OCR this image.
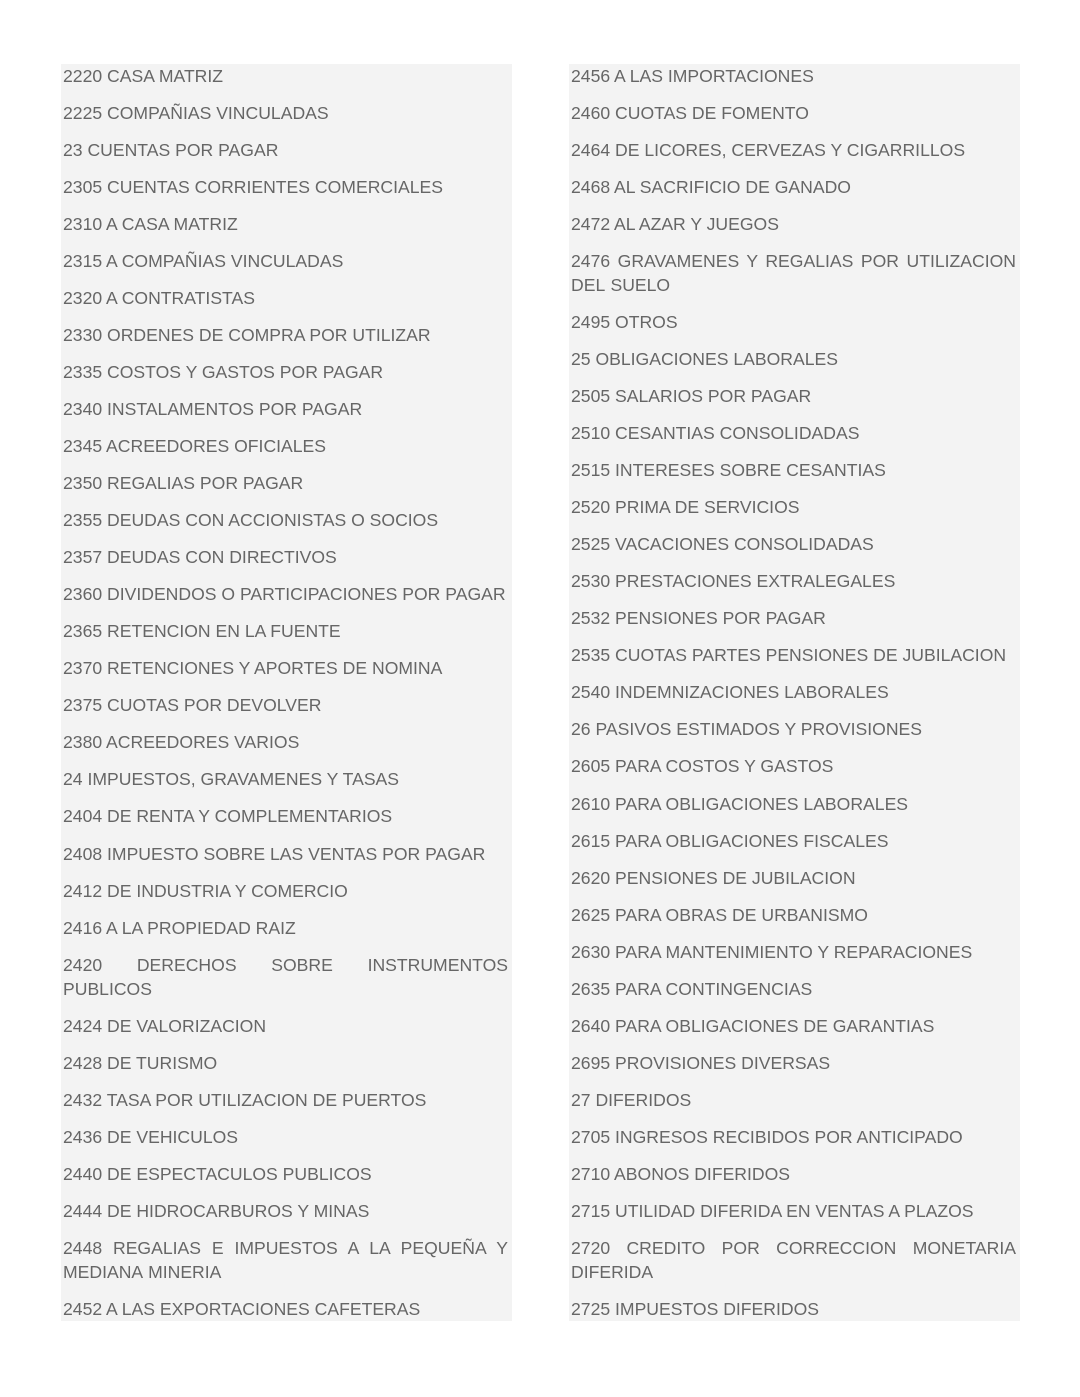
2220 CASA MATRIZ
2225 COMPAÑIAS VINCULADAS
23 CUENTAS POR PAGAR
2305 CUENTAS CORRIENTES COMERCIALES
2310 A CASA MATRIZ
2315 A COMPAÑIAS VINCULADAS
2320 A CONTRATISTAS
2330 ORDENES DE COMPRA POR UTILIZAR
2335 COSTOS Y GASTOS POR PAGAR
2340 INSTALAMENTOS POR PAGAR
2345 ACREEDORES OFICIALES
2350 REGALIAS POR PAGAR
2355 DEUDAS CON ACCIONISTAS O SOCIOS
2357 DEUDAS CON DIRECTIVOS
2360 DIVIDENDOS O PARTICIPACIONES POR PAGAR
2365 RETENCION EN LA FUENTE
2370 RETENCIONES Y APORTES DE NOMINA
2375 CUOTAS POR DEVOLVER
2380 ACREEDORES VARIOS
24 IMPUESTOS, GRAVAMENES Y TASAS
2404 DE RENTA Y COMPLEMENTARIOS
2408 IMPUESTO SOBRE LAS VENTAS POR PAGAR
2412 DE INDUSTRIA Y COMERCIO
2416 A LA PROPIEDAD RAIZ
2420 DERECHOS SOBRE INSTRUMENTOS PUBLICOS
2424 DE VALORIZACION
2428 DE TURISMO
2432 TASA POR UTILIZACION DE PUERTOS
2436 DE VEHICULOS
2440 DE ESPECTACULOS PUBLICOS
2444 DE HIDROCARBUROS Y MINAS
2448 REGALIAS E IMPUESTOS A LA PEQUEÑA Y MEDIANA MINERIA
2452 A LAS EXPORTACIONES CAFETERAS
2456 A LAS IMPORTACIONES
2460 CUOTAS DE FOMENTO
2464 DE LICORES, CERVEZAS Y CIGARRILLOS
2468 AL SACRIFICIO DE GANADO
2472 AL AZAR Y JUEGOS
2476 GRAVAMENES Y REGALIAS POR UTILIZACION DEL SUELO
2495 OTROS
25 OBLIGACIONES LABORALES
2505 SALARIOS POR PAGAR
2510 CESANTIAS CONSOLIDADAS
2515 INTERESES SOBRE CESANTIAS
2520 PRIMA DE SERVICIOS
2525 VACACIONES CONSOLIDADAS
2530 PRESTACIONES EXTRALEGALES
2532 PENSIONES POR PAGAR
2535 CUOTAS PARTES PENSIONES DE JUBILACION
2540 INDEMNIZACIONES LABORALES
26 PASIVOS ESTIMADOS Y PROVISIONES
2605 PARA COSTOS Y GASTOS
2610 PARA OBLIGACIONES LABORALES
2615 PARA OBLIGACIONES FISCALES
2620 PENSIONES DE JUBILACION
2625 PARA OBRAS DE URBANISMO
2630 PARA MANTENIMIENTO Y REPARACIONES
2635 PARA CONTINGENCIAS
2640 PARA OBLIGACIONES DE GARANTIAS
2695 PROVISIONES DIVERSAS
27 DIFERIDOS
2705 INGRESOS RECIBIDOS POR ANTICIPADO
2710 ABONOS DIFERIDOS
2715 UTILIDAD DIFERIDA EN VENTAS A PLAZOS
2720 CREDITO POR CORRECCION MONETARIA DIFERIDA
2725 IMPUESTOS DIFERIDOS
